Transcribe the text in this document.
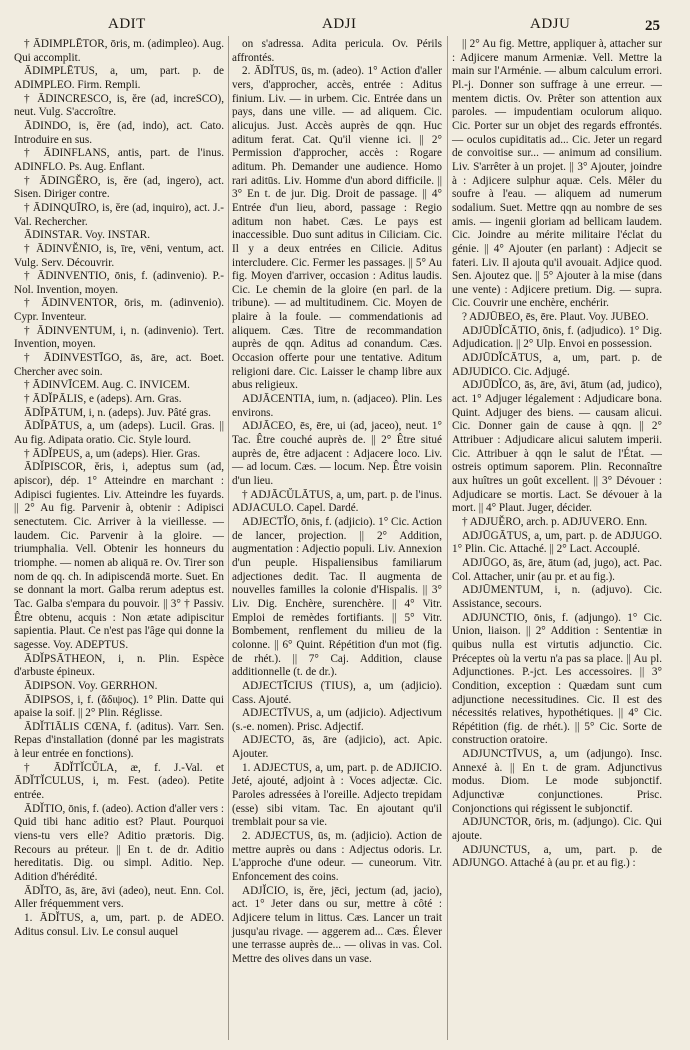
ADIT	ADJI	ADJU	25

† ĀDIMPLĒTOR, ōris, m. (adimpleo). Aug. Qui accomplit.

ĀDIMPLĒTUS, a, um, part. p. de ADIMPLEO. Firm. Rempli.

† ĀDINCRESCO, is, ĕre (ad, increSCO), neut. Vulg. S'accroître.

ĀDINDO, is, ĕre (ad, indo), act. Cato. Introduire en sus.

† ĀDINFLANS, antis, part. de l'inus. ADINFLO. Ps. Aug. Enflant.

† ĀDINGĔRO, is, ĕre (ad, ingero), act. Sisen. Diriger contre.

† ĀDINQUĪRO, is, ĕre (ad, inquiro), act. J.-Val. Rechercher.

ĀDINSTAR. Voy. INSTAR.

† ĀDINVĔNIO, is, īre, vēni, ventum, act. Vulg. Serv. Découvrir.

† ĀDINVENTIO, ōnis, f. (adinvenio). P.-Nol. Invention, moyen.

† ĀDINVENTOR, ōris, m. (adinvenio). Cypr. Inventeur.

† ĀDINVENTUM, i, n. (adinvenio). Tert. Invention, moyen.

† ĀDINVESTĪGO, ās, āre, act. Boet. Chercher avec soin.

† ĀDINVĪCEM. Aug. C. INVICEM.

† ĀDĬPĀLIS, e (adeps). Arn. Gras.

ĀDĬPĀTUM, i, n. (adeps). Juv. Pâté gras.

ĀDĬPĀTUS, a, um (adeps). Lucil. Gras. || Au fig. Adipata oratio. Cic. Style lourd.

† ĀDĬPEUS, a, um (adeps). Hier. Gras.

ĀDĬPISCOR, ĕris, i, adeptus sum (ad, apiscor), dép. 1° Atteindre en marchant : Adipisci fugientes. Liv. Atteindre les fuyards. || 2° Au fig. Parvenir à, obtenir : Adipisci senectutem. Cic. Arriver à la vieillesse. — laudem. Cic. Parvenir à la gloire. — triumphalia. Vell. Obtenir les honneurs du triomphe. — nomen ab aliquā re. Ov. Tirer son nom de qq. ch. In adipiscendā morte. Suet. En se donnant la mort. Galba rerum adeptus est. Tac. Galba s'empara du pouvoir. || 3° † Passiv. Être obtenu, acquis : Non ætate adipiscitur sapientia. Plaut. Ce n'est pas l'âge qui donne la sagesse. Voy. ADEPTUS.

ĀDĬPSĀTHEON, i, n. Plin. Espèce d'arbuste épineux.

ĀDIPSON. Voy. GERRHON.

ĀDIPSOS, i, f. (ἄδιψος). 1° Plin. Datte qui apaise la soif. || 2° Plin. Réglisse.

ĀDĬTIĀLIS CŒNA, f. (aditus). Varr. Sen. Repas d'installation (donné par les magistrats à leur entrée en fonctions).

† ĀDĬTĬCŬLA, æ, f. J.-Val. et ĀDĬTĬCULUS, i, m. Fest. (adeo). Petite entrée.

ĀDĬTIO, ōnis, f. (adeo). Action d'aller vers : Quid tibi hanc aditio est? Plaut. Pourquoi viens-tu vers elle? Aditio prætoris. Dig. Recours au préteur. || En t. de dr. Aditio hereditatis. Dig. ou simpl. Aditio. Nep. Adition d'hérédité.

ĀDĬTO, ās, āre, āvi (adeo), neut. Enn. Col. Aller fréquemment vers.

1. ĀDĬTUS, a, um, part. p. de ADEO. Aditus consul. Liv. Le consul auquel

on s'adressa. Adita pericula. Ov. Périls affrontés.

2. ĀDĬTUS, ūs, m. (adeo). 1° Action d'aller vers, d'approcher, accès, entrée : Aditus finium. Liv. — in urbem. Cic. Entrée dans un pays, dans une ville. — ad aliquem. Cic. alicujus. Just. Accès auprès de qqn. Huc aditum ferat. Cat. Qu'il vienne ici. || 2° Permission d'approcher, accès : Rogare aditum. Ph. Demander une audience. Homo rari aditūs. Liv. Homme d'un abord difficile. || 3° En t. de jur. Dig. Droit de passage. || 4° Entrée d'un lieu, abord, passage : Regio aditum non habet. Cæs. Le pays est inaccessible. Duo sunt aditus in Ciliciam. Cic. Il y a deux entrées en Cilicie. Aditus intercludere. Cic. Fermer les passages. || 5° Au fig. Moyen d'arriver, occasion : Aditus laudis. Cic. Le chemin de la gloire (en parl. de la tribune). — ad multitudinem. Cic. Moyen de plaire à la foule. — commendationis ad aliquem. Cæs. Titre de recommandation auprès de qqn. Aditus ad conandum. Cæs. Occasion offerte pour une tentative. Aditum religioni dare. Cic. Laisser le champ libre aux abus religieux.

ADJĀCENTIA, ium, n. (adjaceo). Plin. Les environs.

ADJĀCEO, ēs, ēre, ui (ad, jaceo), neut. 1° Tac. Être couché auprès de. || 2° Être situé auprès de, être adjacent : Adjacere loco. Liv. — ad locum. Cæs. — locum. Nep. Être voisin d'un lieu.

† ADJĀCŬLĀTUS, a, um, part. p. de l'inus. ADJACULO. Capel. Dardé.

ADJECTĬO, ōnis, f. (adjicio). 1° Cic. Action de lancer, projection. || 2° Addition, augmentation : Adjectio populi. Liv. Annexion d'un peuple. Hispaliensibus familiarum adjectiones dedit. Tac. Il augmenta de nouvelles familles la colonie d'Hispalis. || 3° Liv. Dig. Enchère, surenchère. || 4° Vitr. Emploi de remèdes fortifiants. || 5° Vitr. Bombement, renflement du milieu de la colonne. || 6° Quint. Répétition d'un mot (fig. de rhét.). || 7° Caj. Addition, clause additionnelle (t. de dr.).

ADJECTĪCIUS (TIUS), a, um (adjicio). Cass. Ajouté.

ADJECTĪVUS, a, um (adjicio). Adjectivum (s.-e. nomen). Prisc. Adjectif.

ADJECTO, ās, āre (adjicio), act. Apic. Ajouter.

1. ADJECTUS, a, um, part. p. de ADJICIO. Jeté, ajouté, adjoint à : Voces adjectæ. Cic. Paroles adressées à l'oreille. Adjecto trepidam (esse) sibi vitam. Tac. En ajoutant qu'il tremblait pour sa vie.

2. ADJECTUS, ūs, m. (adjicio). Action de mettre auprès ou dans : Adjectus odoris. Lr. L'approche d'une odeur. — cuneorum. Vitr. Enfoncement des coins.

ADJĬCIO, is, ĕre, jēci, jectum (ad, jacio), act. 1° Jeter dans ou sur, mettre à côté : Adjicere telum in littus. Cæs. Lancer un trait jusqu'au rivage. — aggerem ad... Cæs. Élever une terrasse auprès de... — olivas in vas. Col. Mettre des olives dans un vase.

|| 2° Au fig. Mettre, appliquer à, attacher sur : Adjicere manum Armeniæ. Vell. Mettre la main sur l'Arménie. — album calculum errori. Pl.-j. Donner son suffrage à une erreur. — mentem dictis. Ov. Prêter son attention aux paroles. — impudentiam oculorum aliquo. Cic. Porter sur un objet des regards effrontés. — oculos cupiditatis ad... Cic. Jeter un regard de convoitise sur... — animum ad consilium. Liv. S'arrêter à un projet. || 3° Ajouter, joindre à : Adjicere sulphur aquæ. Cels. Mêler du soufre à l'eau. — aliquem ad numerum sodalium. Suet. Mettre qqn au nombre de ses amis. — ingenii gloriam ad bellicam laudem. Cic. Joindre au mérite militaire l'éclat du génie. || 4° Ajouter (en parlant) : Adjecit se fateri. Liv. Il ajouta qu'il avouait. Adjice quod. Sen. Ajoutez que. || 5° Ajouter à la mise (dans une vente) : Adjicere pretium. Dig. — supra. Cic. Couvrir une enchère, enchérir.

? ADJŪBEO, ēs, ēre. Plaut. Voy. JUBEO.

ADJŪDĬCĀTIO, ōnis, f. (adjudico). 1° Dig. Adjudication. || 2° Ulp. Envoi en possession.

ADJŪDĬCĀTUS, a, um, part. p. de ADJUDICO. Cic. Adjugé.

ADJŪDĬCO, ās, āre, āvi, ātum (ad, judico), act. 1° Adjuger légalement : Adjudicare bona. Quint. Adjuger des biens. — causam alicui. Cic. Donner gain de cause à qqn. || 2° Attribuer : Adjudicare alicui salutem imperii. Cic. Attribuer à qqn le salut de l'État. — ostreis optimum saporem. Plin. Reconnaître aux huîtres un goût excellent. || 3° Dévouer : Adjudicare se mortis. Lact. Se dévouer à la mort. || 4° Plaut. Juger, décider.

† ADJUĔRO, arch. p. ADJUVERO. Enn.

ADJŪGĀTUS, a, um, part. p. de ADJUGO. 1° Plin. Cic. Attaché. || 2° Lact. Accouplé.

ADJŪGO, ās, āre, ātum (ad, jugo), act. Pac. Col. Attacher, unir (au pr. et au fig.).

ADJŪMENTUM, i, n. (adjuvo). Cic. Assistance, secours.

ADJUNCTIO, ōnis, f. (adjungo). 1° Cic. Union, liaison. || 2° Addition : Sententiæ in quibus nulla est virtutis adjunctio. Cic. Préceptes où la vertu n'a pas sa place. || Au pl. Adjunctiones. P.-jct. Les accessoires. || 3° Condition, exception : Quædam sunt cum adjunctione necessitudines. Cic. Il est des nécessités relatives, hypothétiques. || 4° Cic. Répétition (fig. de rhét.). || 5° Cic. Sorte de construction oratoire.

ADJUNCTĪVUS, a, um (adjungo). Insc. Annexé à. || En t. de gram. Adjunctivus modus. Diom. Le mode subjonctif. Adjunctivæ conjunctiones. Prisc. Conjonctions qui régissent le subjonctif.

ADJUNCTOR, ōris, m. (adjungo). Cic. Qui ajoute.

ADJUNCTUS, a, um, part. p. de ADJUNGO. Attaché à (au pr. et au fig.) :
